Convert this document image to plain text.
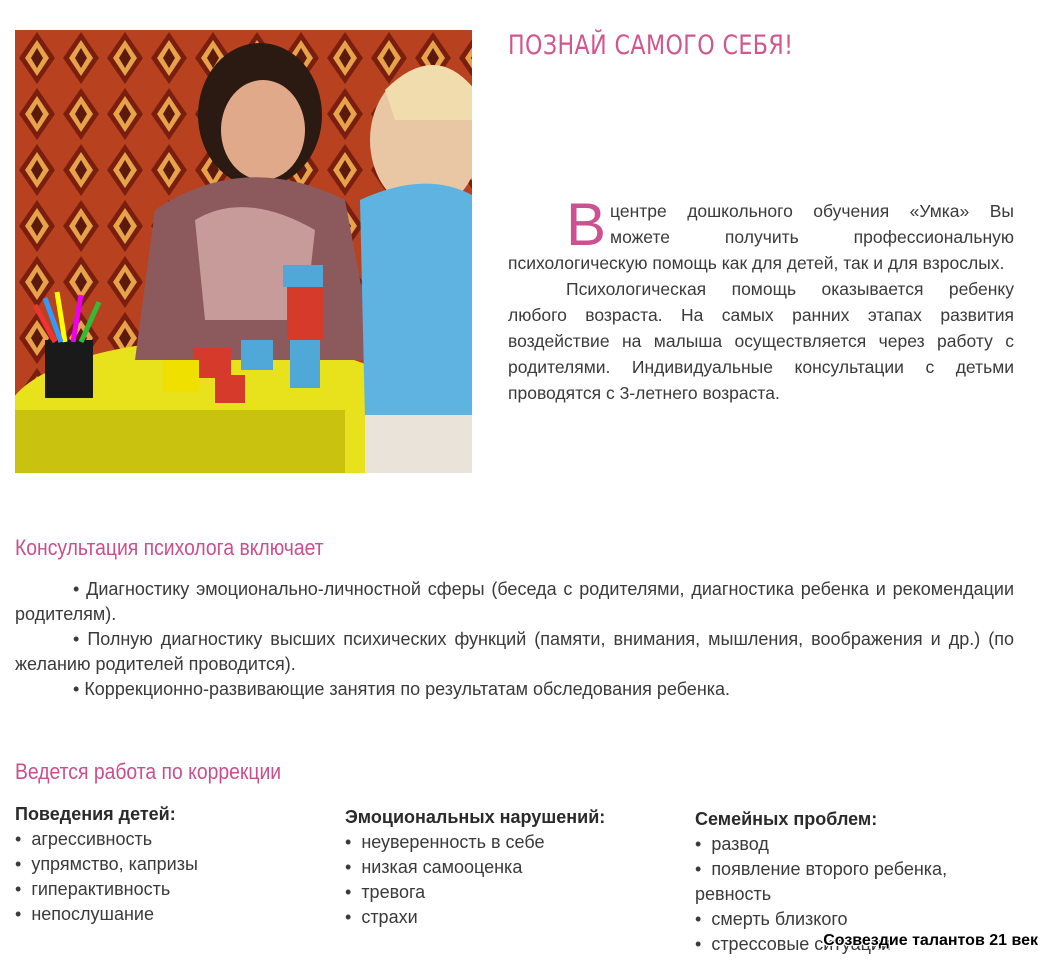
ПОЗНАЙ САМОГО СЕБЯ!

Вцентре дошкольного обучения «Умка» Вы можете получить профессиональную психологическую помощь как для детей, так и для взрослых.

Психологическая помощь оказывается ребенку любого возраста. На самых ранних этапах развития воздействие на малыша осуществляется через работу с родителями. Индивидуальные консультации с детьми проводятся с 3-летнего возраста.

Консультация психолога включает
• Диагностику эмоционально-личностной сферы (беседа с родителями, диагностика ребенка и рекомендации родителям).
• Полную диагностику высших психических функций (памяти, внимания, мышления, воображения и др.) (по желанию родителей проводится).
• Коррекционно-развивающие занятия по результатам обследования ребенка.
Ведется работа по коррекции
Поведения детей:
•  агрессивность
•  упрямство, капризы
•  гиперактивность
•  непослушание
Эмоциональных нарушений:
•  неуверенность в себе
•  низкая самооценка
•  тревога
•  страхи
Семейных проблем:
•  развод
•  появление второго ребенка,
ревность
•  смерть близкого
•  стрессовые ситуации
Созвездие талантов 21 век
